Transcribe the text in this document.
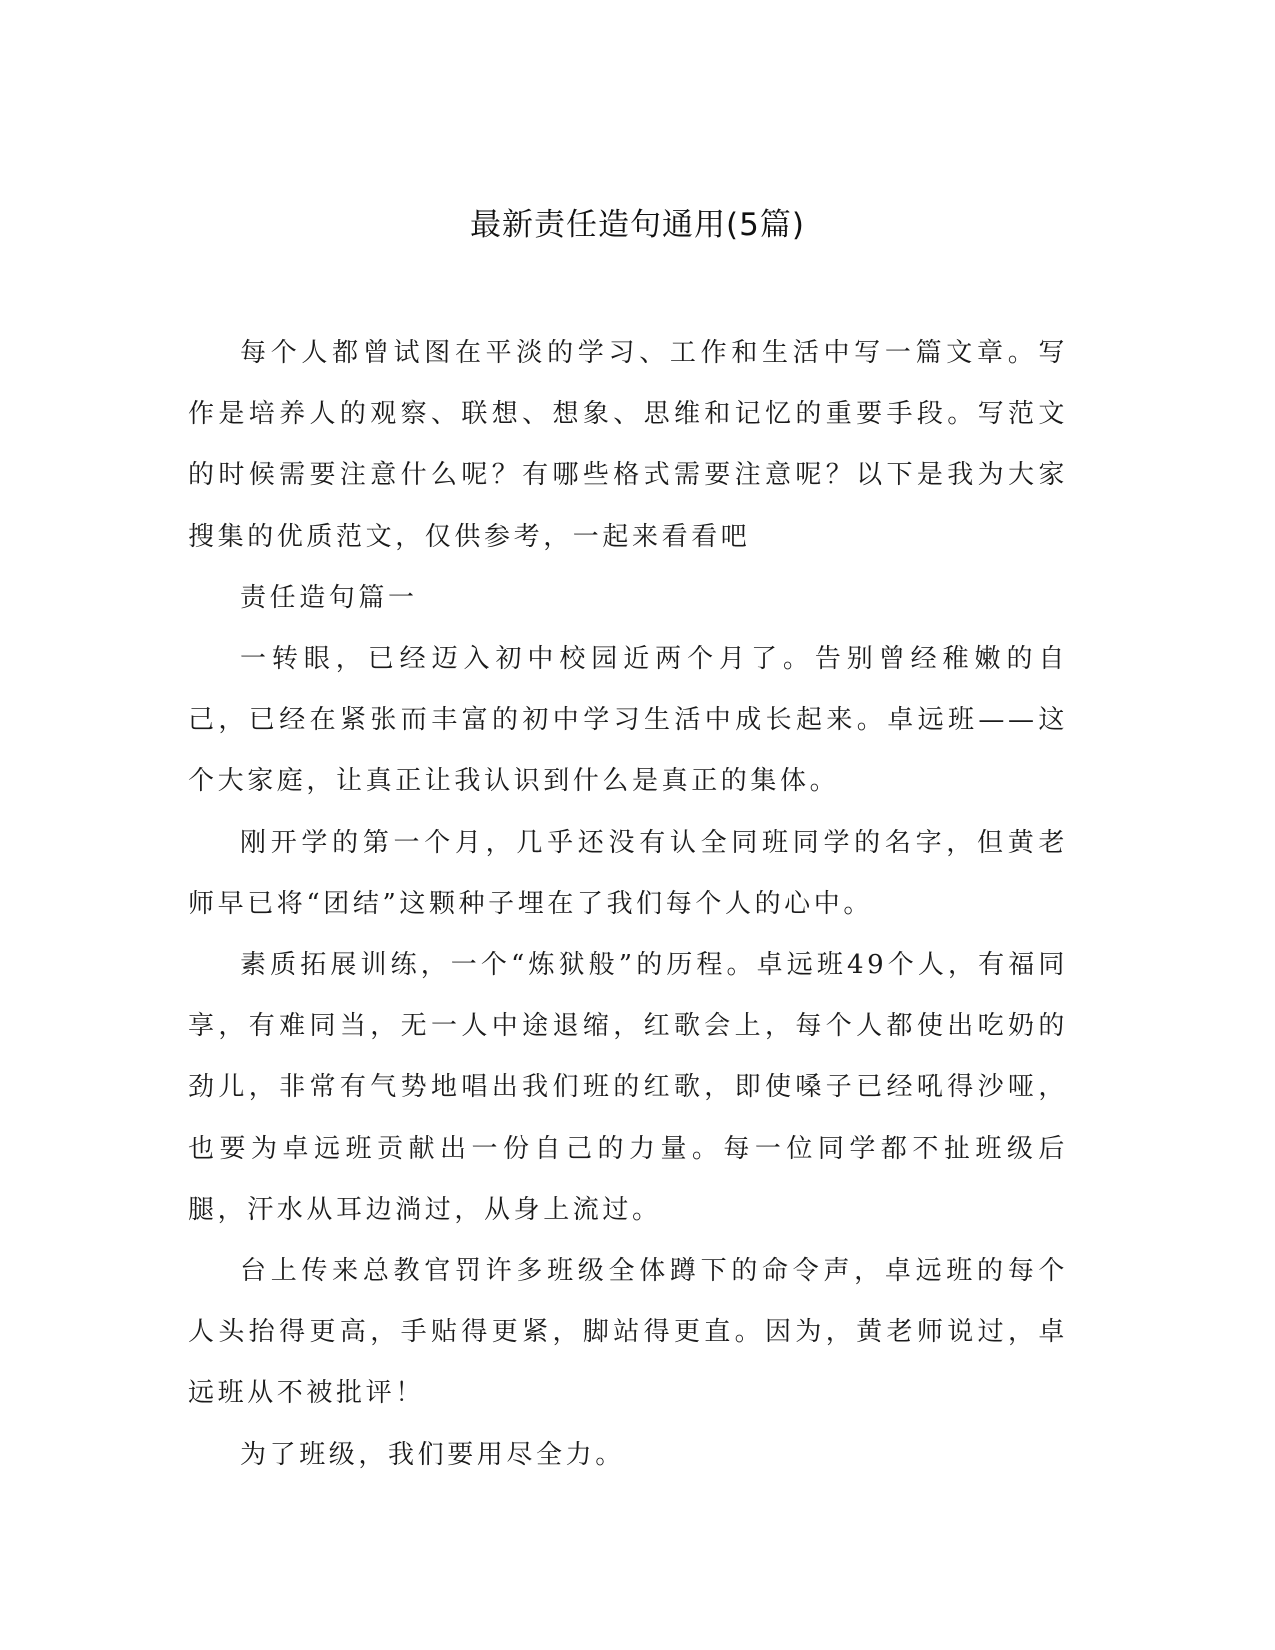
最新责任造句通用(5篇)

每个人都曾试图在平淡的学习、工作和生活中写一篇文章。写作是培养人的观察、联想、想象、思维和记忆的重要手段。写范文的时候需要注意什么呢？有哪些格式需要注意呢？以下是我为大家搜集的优质范文，仅供参考，一起来看看吧

责任造句篇一

一转眼，已经迈入初中校园近两个月了。告别曾经稚嫩的自己，已经在紧张而丰富的初中学习生活中成长起来。卓远班——这个大家庭，让真正让我认识到什么是真正的集体。

刚开学的第一个月，几乎还没有认全同班同学的名字，但黄老师早已将“团结”这颗种子埋在了我们每个人的心中。

素质拓展训练，一个“炼狱般”的历程。卓远班49个人，有福同享，有难同当，无一人中途退缩，红歌会上，每个人都使出吃奶的劲儿，非常有气势地唱出我们班的红歌，即使嗓子已经吼得沙哑，也要为卓远班贡献出一份自己的力量。每一位同学都不扯班级后腿，汗水从耳边淌过，从身上流过。

台上传来总教官罚许多班级全体蹲下的命令声，卓远班的每个人头抬得更高，手贴得更紧，脚站得更直。因为，黄老师说过，卓远班从不被批评！

为了班级，我们要用尽全力。
